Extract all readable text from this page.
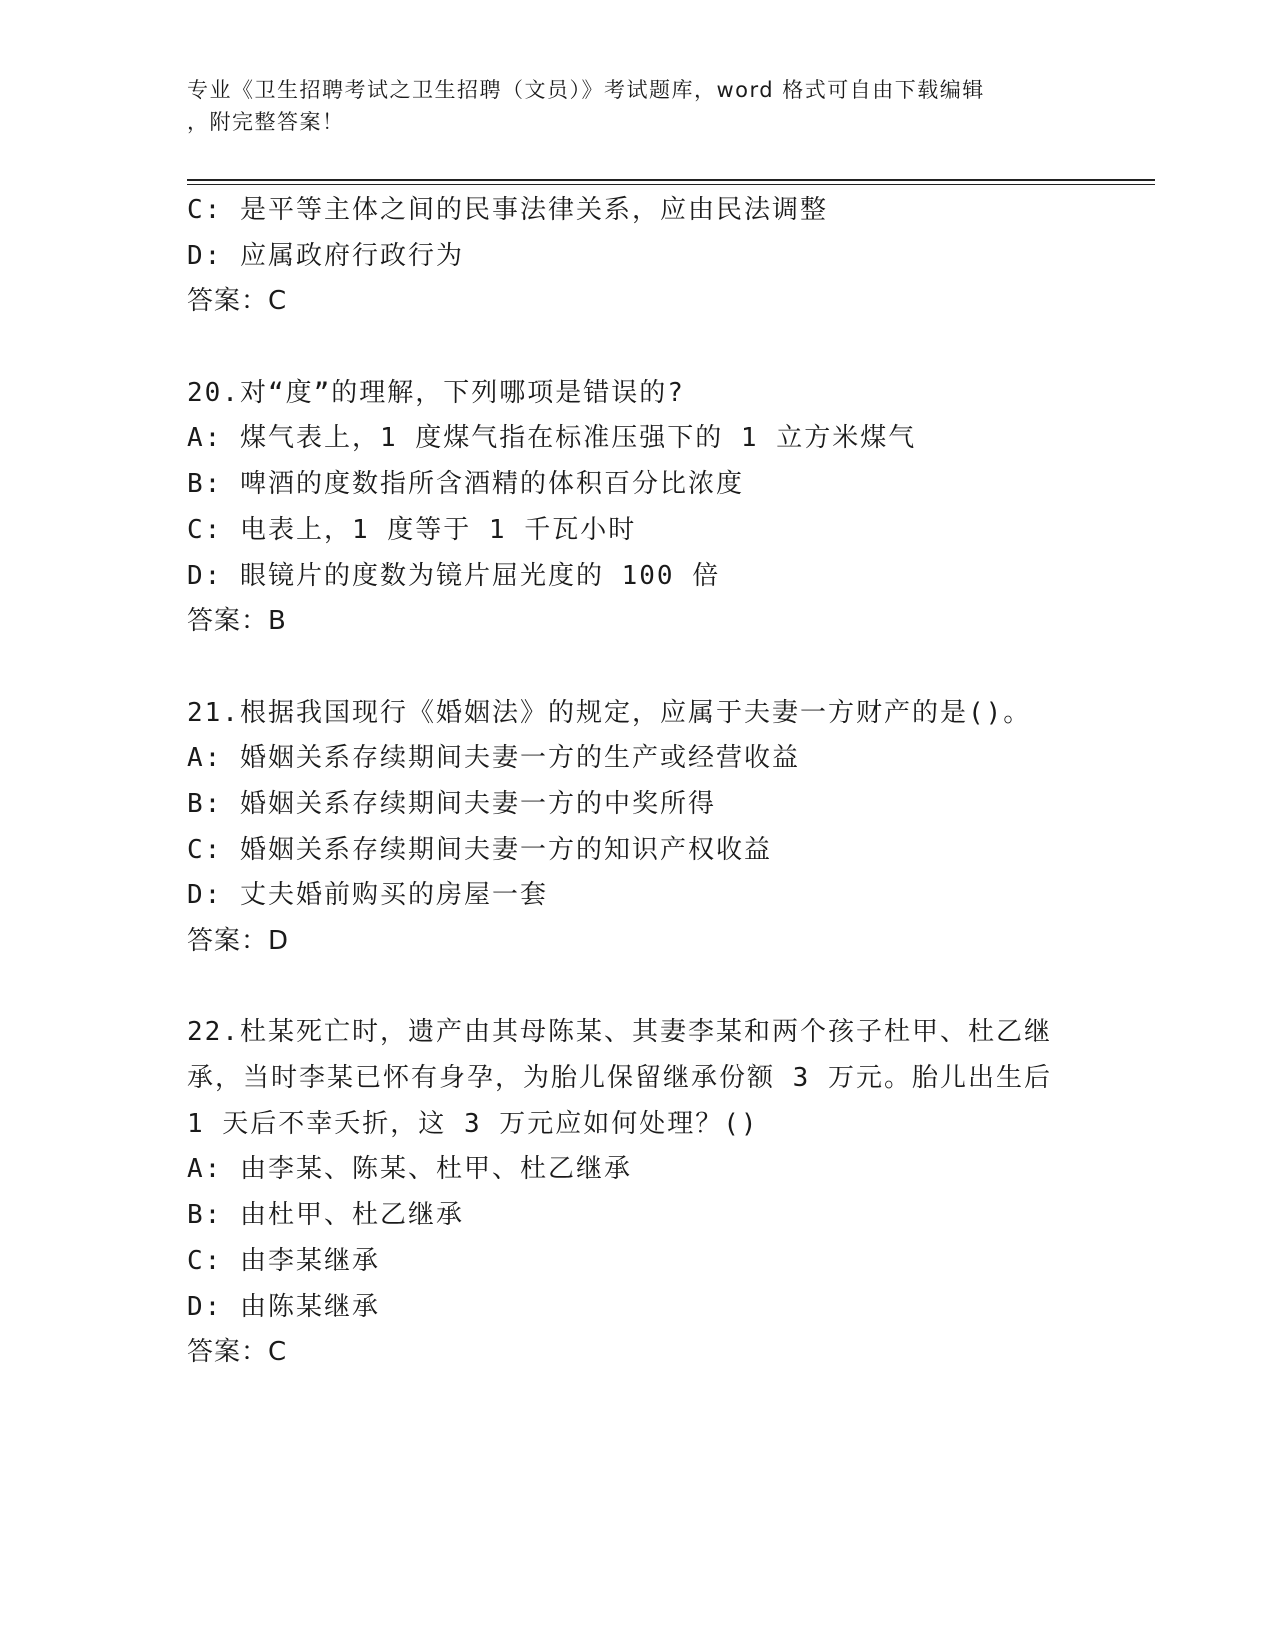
专业《卫生招聘考试之卫生招聘（文员）》考试题库，word 格式可自由下载编辑
，附完整答案！
C: 是平等主体之间的民事法律关系，应由民法调整
D: 应属政府行政行为
答案：C
20.对“度”的理解，下列哪项是错误的?
A: 煤气表上，1 度煤气指在标准压强下的 1 立方米煤气
B: 啤酒的度数指所含酒精的体积百分比浓度
C: 电表上，1 度等于 1 千瓦小时
D: 眼镜片的度数为镜片屈光度的 100 倍
答案：B
21.根据我国现行《婚姻法》的规定，应属于夫妻一方财产的是()。
A: 婚姻关系存续期间夫妻一方的生产或经营收益
B: 婚姻关系存续期间夫妻一方的中奖所得
C: 婚姻关系存续期间夫妻一方的知识产权收益
D: 丈夫婚前购买的房屋一套
答案：D
22.杜某死亡时，遗产由其母陈某、其妻李某和两个孩子杜甲、杜乙继
承，当时李某已怀有身孕，为胎儿保留继承份额 3 万元。胎儿出生后
1 天后不幸夭折，这 3 万元应如何处理？()
A: 由李某、陈某、杜甲、杜乙继承
B: 由杜甲、杜乙继承
C: 由李某继承
D: 由陈某继承
答案：C
